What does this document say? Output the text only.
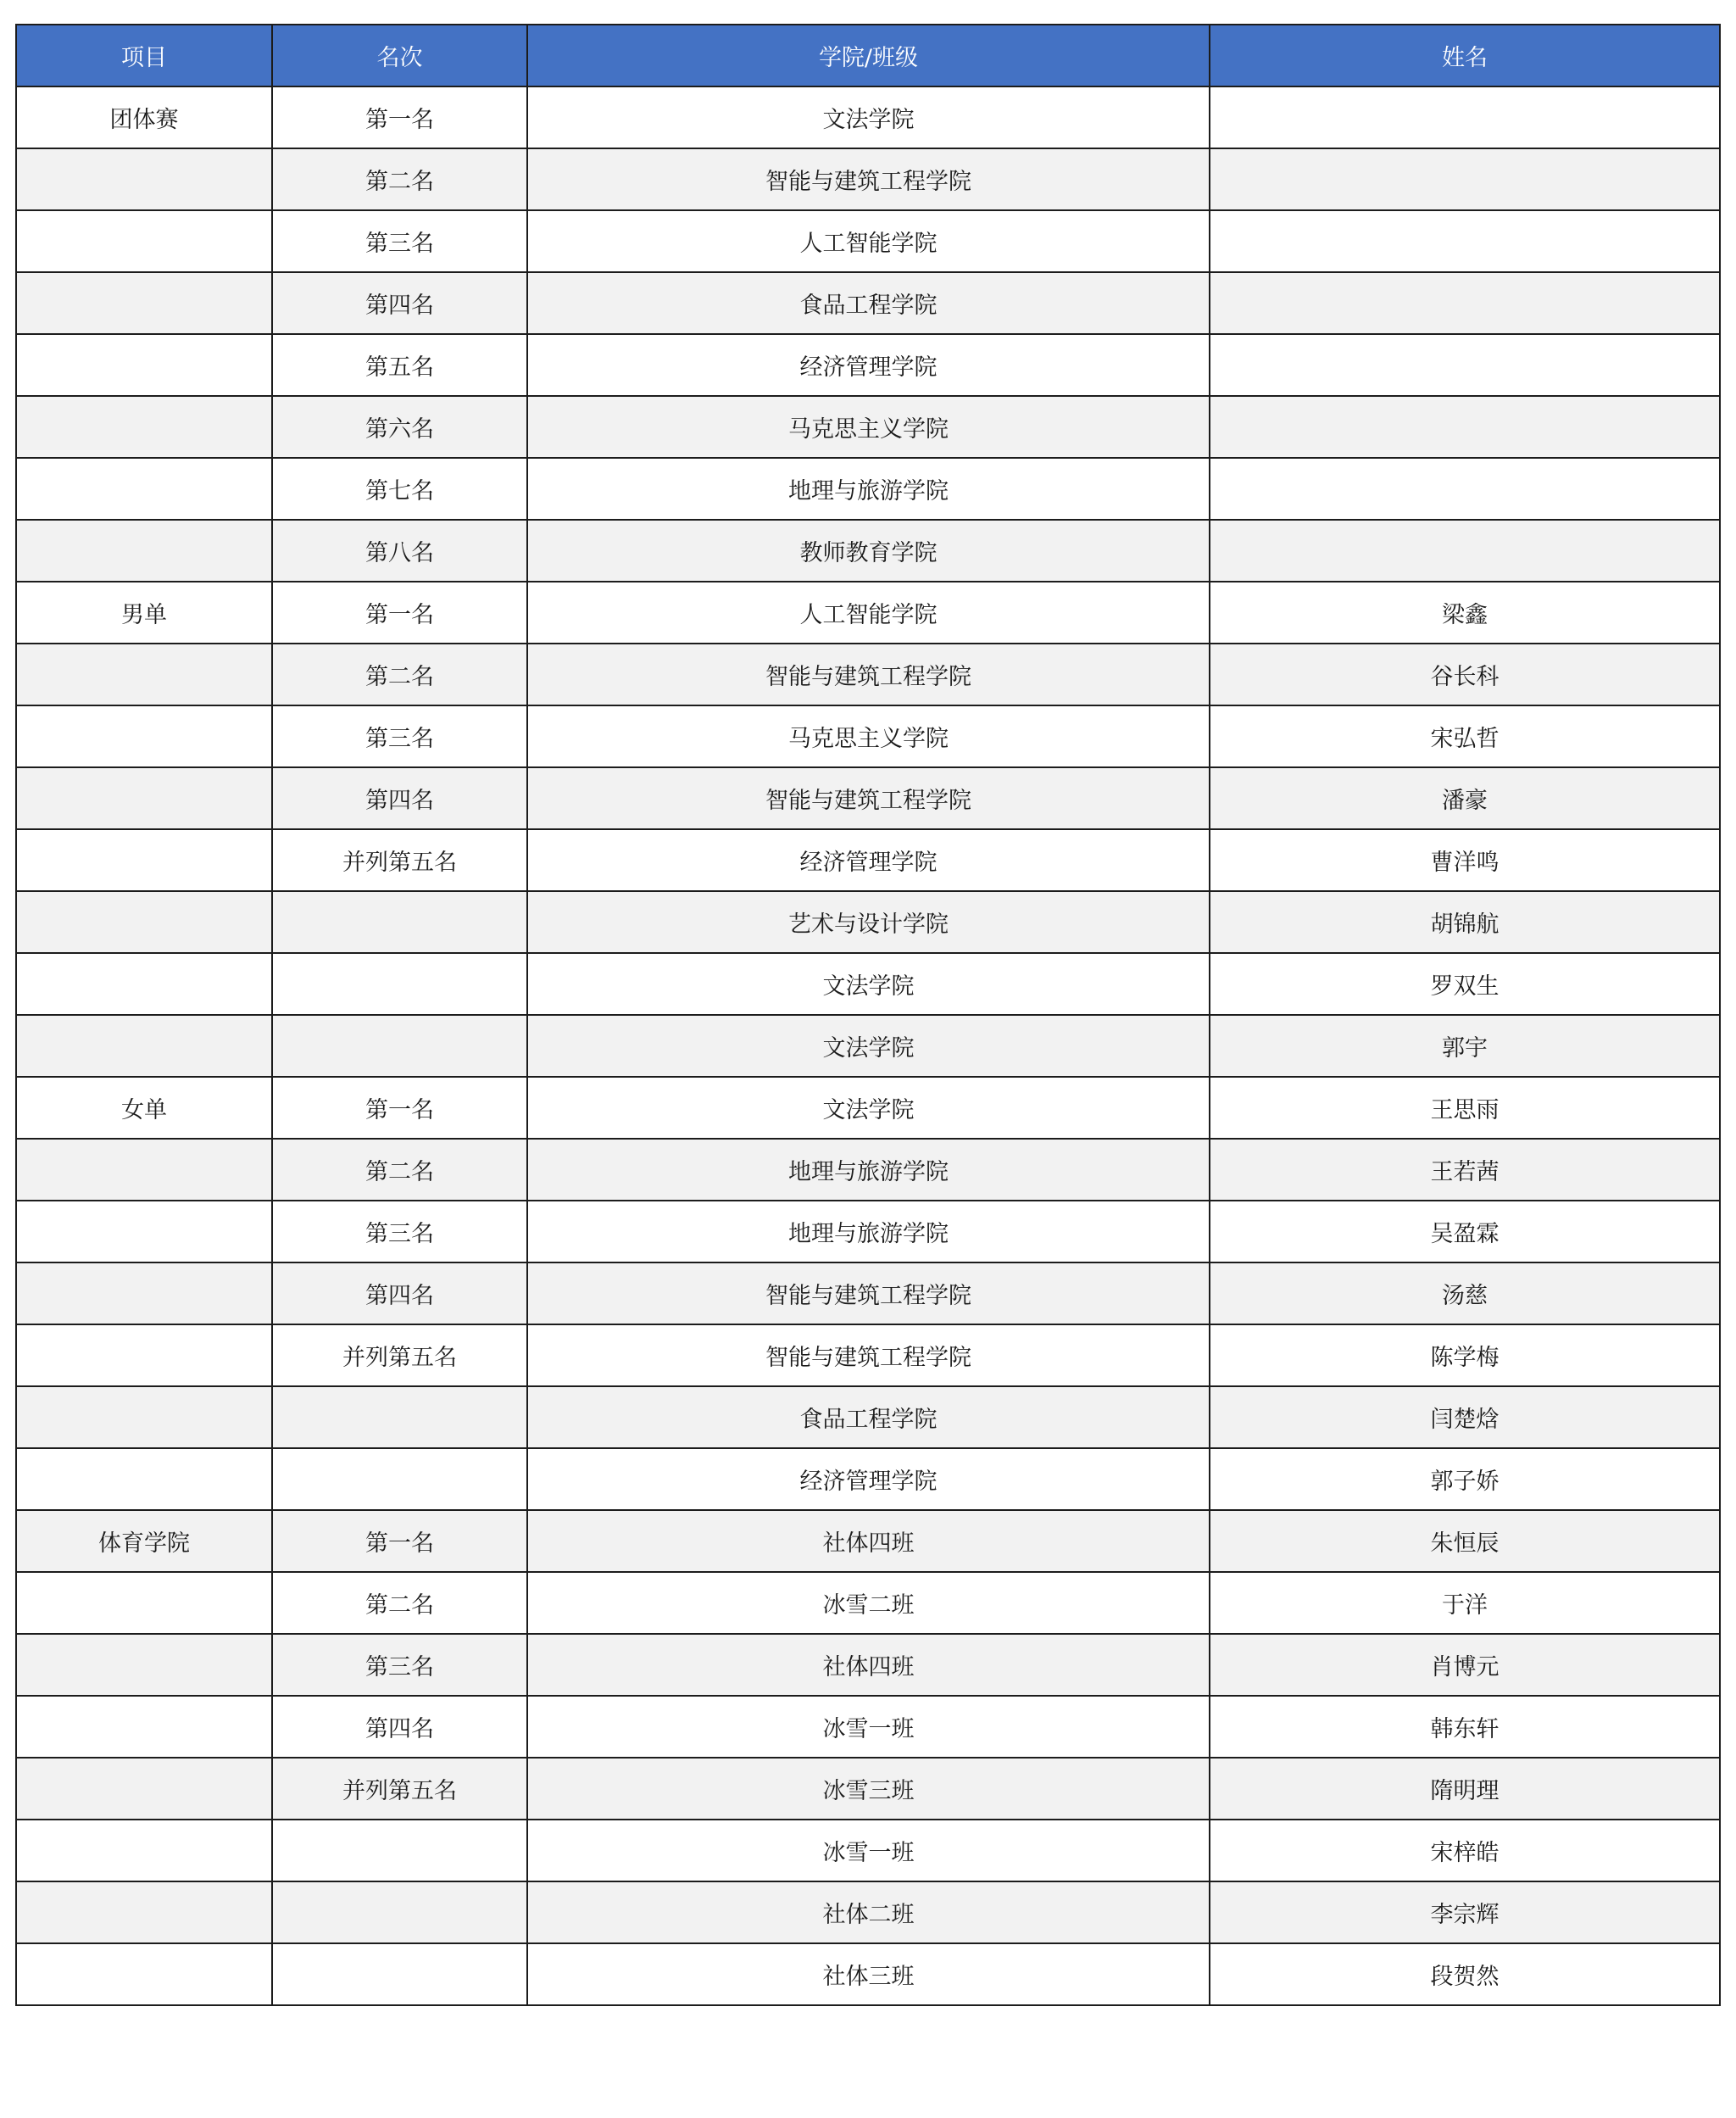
项目	名次	学院/班级	姓名
团体赛	第一名	文法学院	
	第二名	智能与建筑工程学院	
	第三名	人工智能学院	
	第四名	食品工程学院	
	第五名	经济管理学院	
	第六名	马克思主义学院	
	第七名	地理与旅游学院	
	第八名	教师教育学院	
男单	第一名	人工智能学院	梁鑫
	第二名	智能与建筑工程学院	谷长科
	第三名	马克思主义学院	宋弘哲
	第四名	智能与建筑工程学院	潘豪
	并列第五名	经济管理学院	曹洋鸣
		艺术与设计学院	胡锦航
		文法学院	罗双生
		文法学院	郭宇
女单	第一名	文法学院	王思雨
	第二名	地理与旅游学院	王若茜
	第三名	地理与旅游学院	吴盈霖
	第四名	智能与建筑工程学院	汤慈
	并列第五名	智能与建筑工程学院	陈学梅
		食品工程学院	闫楚焓
		经济管理学院	郭子娇
体育学院	第一名	社体四班	朱恒辰
	第二名	冰雪二班	于洋
	第三名	社体四班	肖博元
	第四名	冰雪一班	韩东轩
	并列第五名	冰雪三班	隋明理
		冰雪一班	宋梓皓
		社体二班	李宗辉
		社体三班	段贺然
